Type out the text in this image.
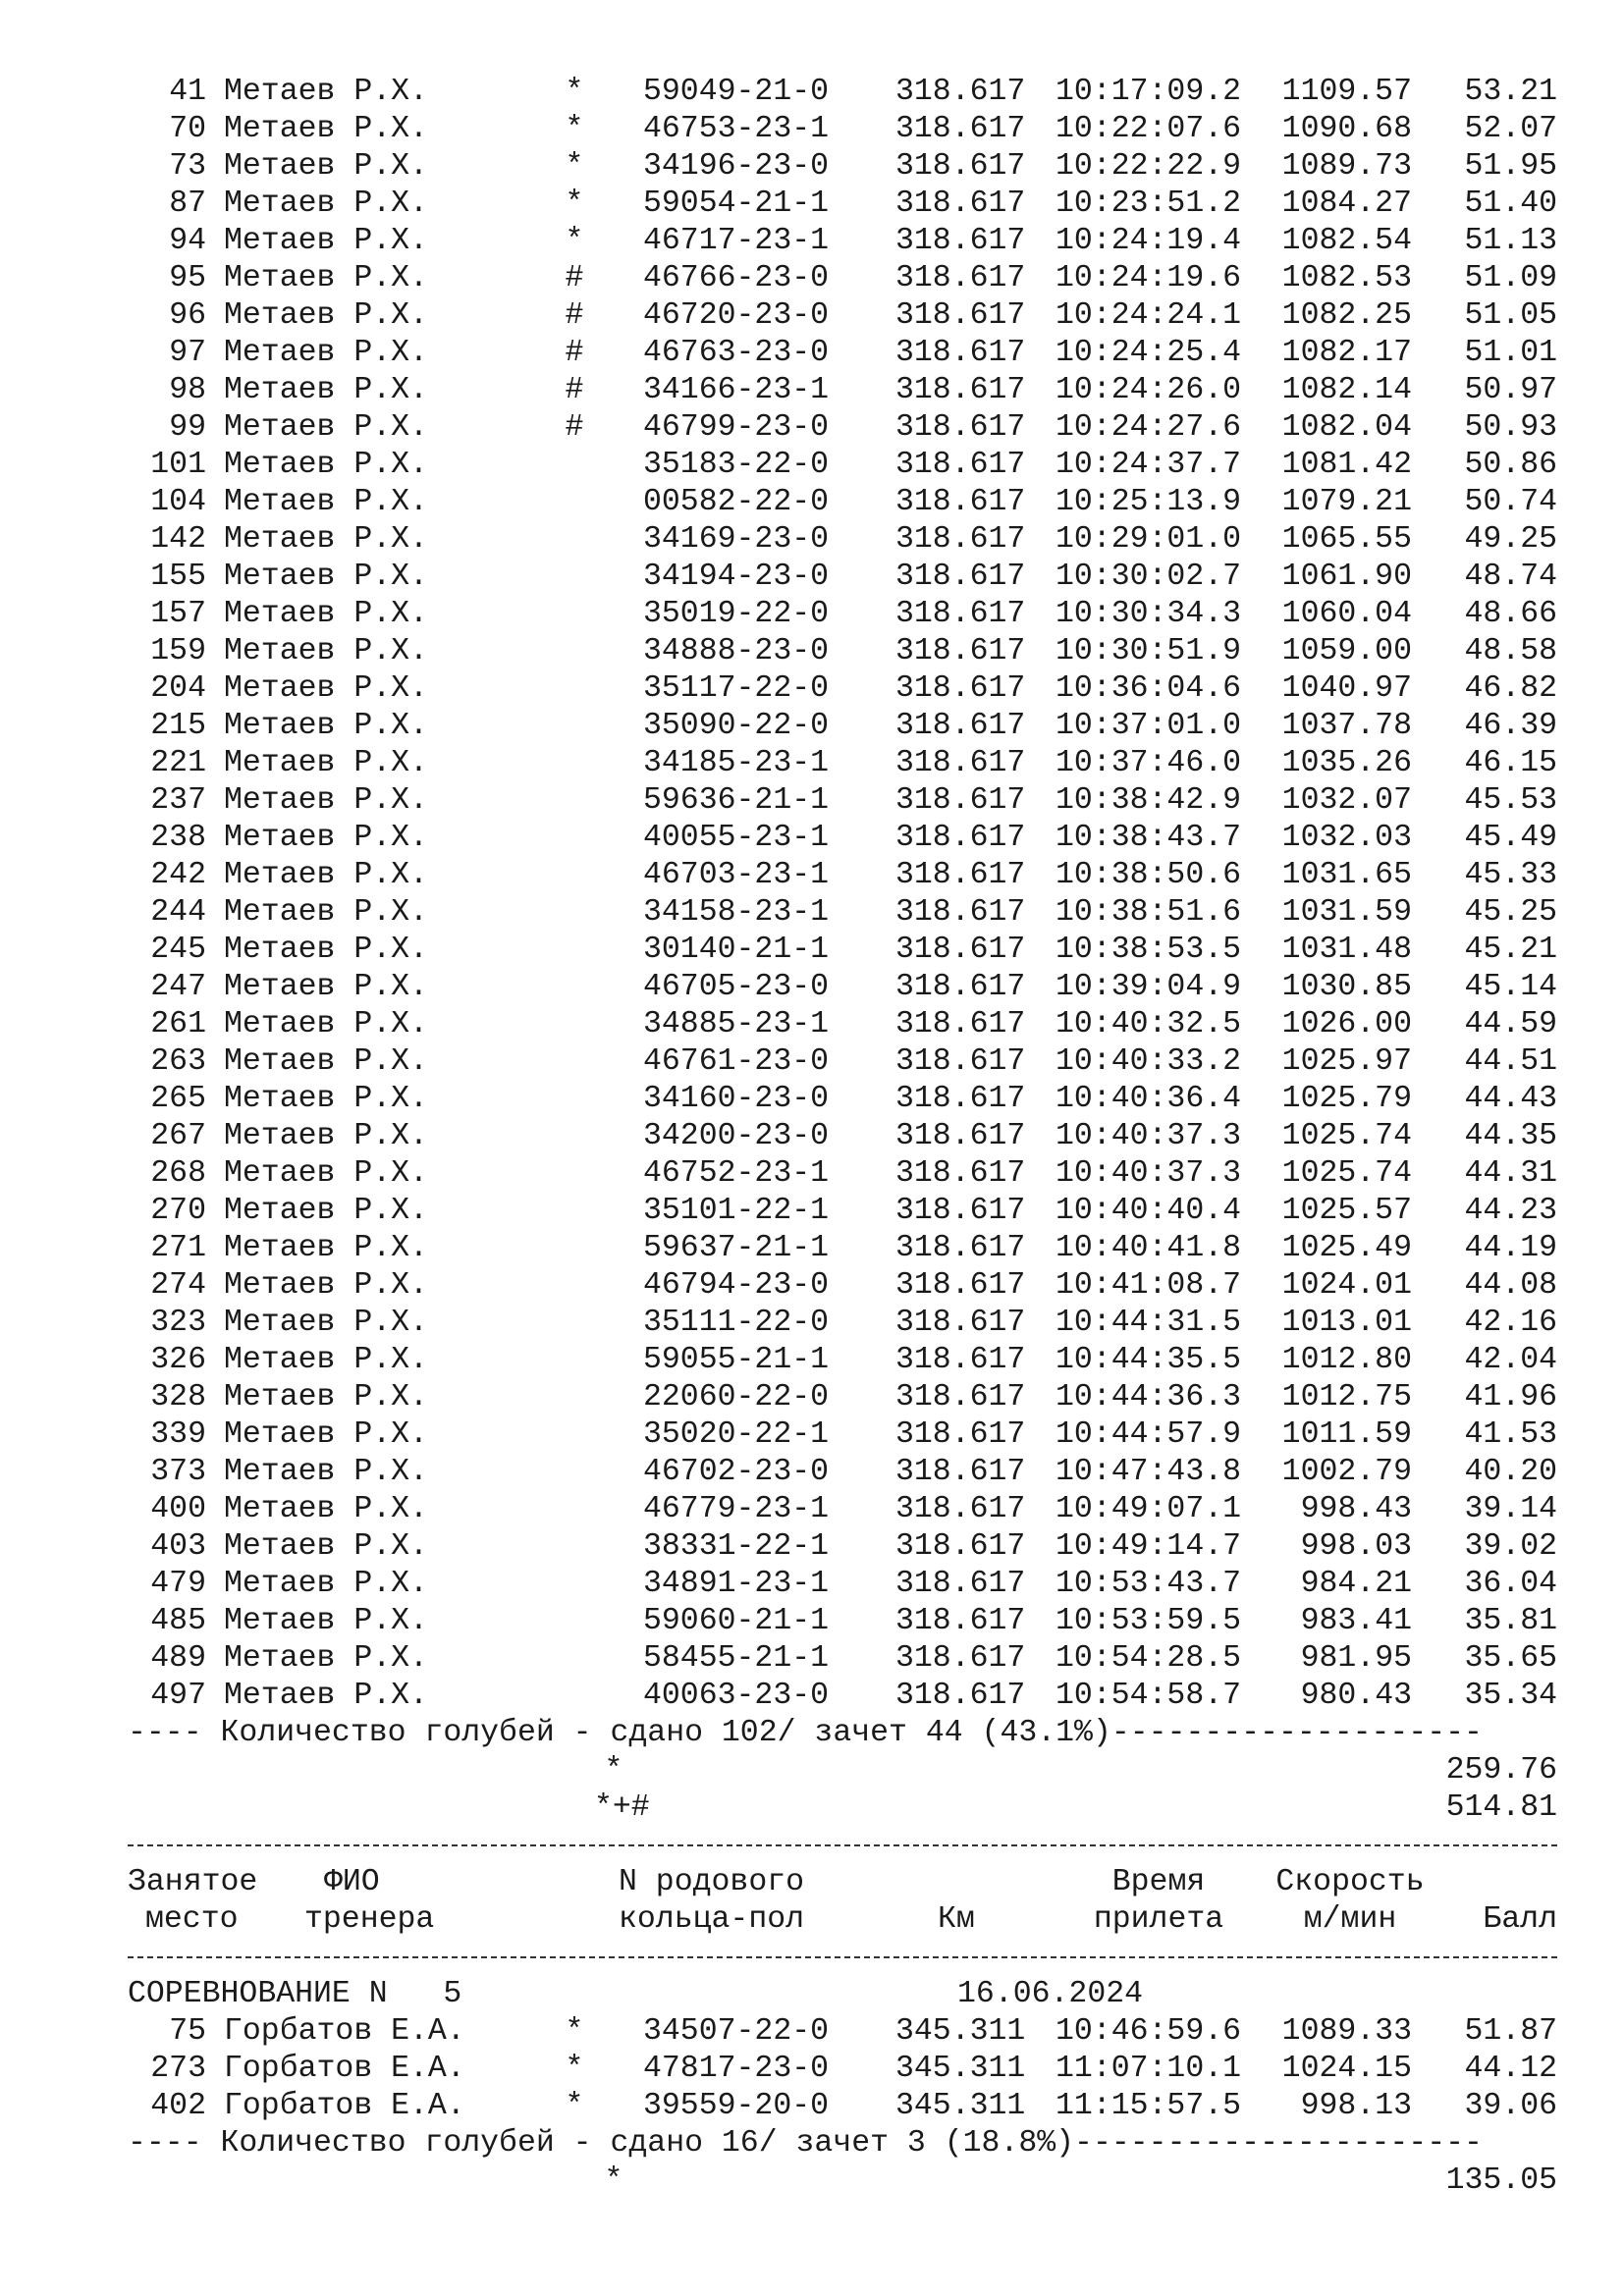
41 Метаев Р.Х.	*	59049-21-0 318.617 10:17:09.2	1109.57	53.21
70 Метаев Р.Х.	*	46753-23-1 318.617 10:22:07.6	1090.68	52.07
73 Метаев Р.Х.	*	34196-23-0 318.617 10:22:22.9	1089.73	51.95
87 Метаев Р.Х.	*	59054-21-1 318.617 10:23:51.2	1084.27	51.40
94 Метаев Р.Х.	*	46717-23-1 318.617 10:24:19.4	1082.54	51.13
95 Метаев Р.Х.	#	46766-23-0 318.617 10:24:19.6	1082.53	51.09
96 Метаев Р.Х.	#	46720-23-0 318.617 10:24:24.1	1082.25	51.05
97 Метаев Р.Х.	#	46763-23-0 318.617 10:24:25.4	1082.17	51.01
98 Метаев Р.Х.	#	34166-23-1 318.617 10:24:26.0	1082.14	50.97
99 Метаев Р.Х.	#	46799-23-0 318.617 10:24:27.6	1082.04	50.93
101 Метаев Р.Х.	35183-22-0 318.617 10:24:37.7	1081.42	50.86
104 Метаев Р.Х.	00582-22-0 318.617 10:25:13.9	1079.21	50.74
142 Метаев Р.Х.	34169-23-0 318.617 10:29:01.0	1065.55	49.25
155 Метаев Р.Х.	34194-23-0 318.617 10:30:02.7	1061.90	48.74
157 Метаев Р.Х.	35019-22-0 318.617 10:30:34.3	1060.04	48.66
159 Метаев Р.Х.	34888-23-0 318.617 10:30:51.9	1059.00	48.58
204 Метаев Р.Х.	35117-22-0 318.617 10:36:04.6	1040.97	46.82
215 Метаев Р.Х.	35090-22-0 318.617 10:37:01.0	1037.78	46.39
221 Метаев Р.Х.	34185-23-1 318.617 10:37:46.0	1035.26	46.15
237 Метаев Р.Х.	59636-21-1 318.617 10:38:42.9	1032.07	45.53
238 Метаев Р.Х.	40055-23-1 318.617 10:38:43.7	1032.03	45.49
242 Метаев Р.Х.	46703-23-1 318.617 10:38:50.6	1031.65	45.33
244 Метаев Р.Х.	34158-23-1 318.617 10:38:51.6	1031.59	45.25
245 Метаев Р.Х.	30140-21-1 318.617 10:38:53.5	1031.48	45.21
247 Метаев Р.Х.	46705-23-0 318.617 10:39:04.9	1030.85	45.14
261 Метаев Р.Х.	34885-23-1 318.617 10:40:32.5	1026.00	44.59
263 Метаев Р.Х.	46761-23-0 318.617 10:40:33.2	1025.97	44.51
265 Метаев Р.Х.	34160-23-0 318.617 10:40:36.4	1025.79	44.43
267 Метаев Р.Х.	34200-23-0 318.617 10:40:37.3	1025.74	44.35
268 Метаев Р.Х.	46752-23-1 318.617 10:40:37.3	1025.74	44.31
270 Метаев Р.Х.	35101-22-1 318.617 10:40:40.4	1025.57	44.23
271 Метаев Р.Х.	59637-21-1 318.617 10:40:41.8	1025.49	44.19
274 Метаев Р.Х.	46794-23-0 318.617 10:41:08.7	1024.01	44.08
323 Метаев Р.Х.	35111-22-0 318.617 10:44:31.5	1013.01	42.16
326 Метаев Р.Х.	59055-21-1 318.617 10:44:35.5	1012.80	42.04
328 Метаев Р.Х.	22060-22-0 318.617 10:44:36.3	1012.75	41.96
339 Метаев Р.Х.	35020-22-1 318.617 10:44:57.9	1011.59	41.53
373 Метаев Р.Х.	46702-23-0 318.617 10:47:43.8	1002.79	40.20
400 Метаев Р.Х.	46779-23-1 318.617 10:49:07.1	998.43	39.14
403 Метаев Р.Х.	38331-22-1 318.617 10:49:14.7	998.03	39.02
479 Метаев Р.Х.	34891-23-1 318.617 10:53:43.7	984.21	36.04
485 Метаев Р.Х.	59060-21-1 318.617 10:53:59.5	983.41	35.81
489 Метаев Р.Х.	58455-21-1 318.617 10:54:28.5	981.95	35.65
497 Метаев Р.Х.	40063-23-0 318.617 10:54:58.7	980.43	35.34
---- Количество голубей - сдано 102/ зачет 44 (43.1%)--------------------
*	259.76
*+#	514.81
Занятое ФИО	N родового	Время	Скорость
место тренера	кольца-пол	Км	прилета	м/мин	Балл
СОРЕВНОВАНИЕ N   5	16.06.2024
75 Горбатов Е.А.	*	34507-22-0 345.311 10:46:59.6	1089.33	51.87
273 Горбатов Е.А.	*	47817-23-0 345.311 11:07:10.1	1024.15	44.12
402 Горбатов Е.А.	*	39559-20-0 345.311 11:15:57.5	998.13	39.06
---- Количество голубей - сдано 16/ зачет 3 (18.8%)----------------------
*	135.05
